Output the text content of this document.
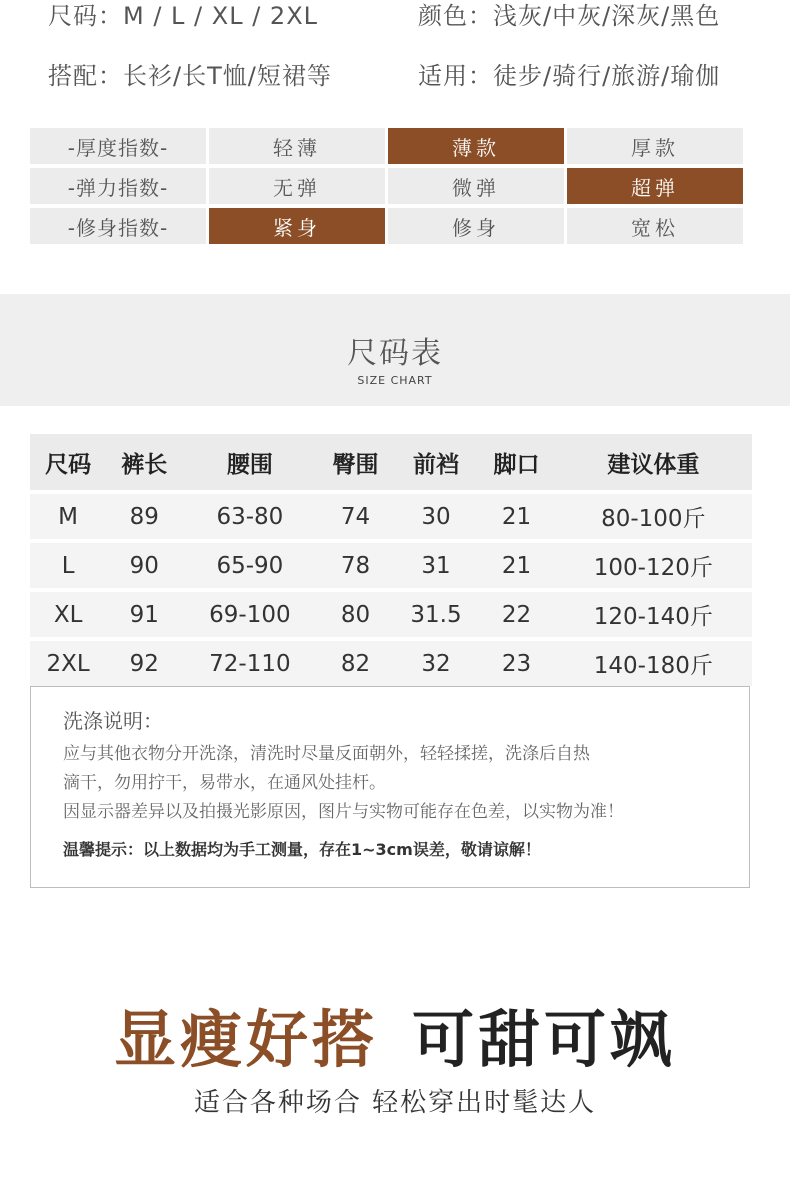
尺码：M / L / XL / 2XL	颜色：浅灰/中灰/深灰/黑色
搭配：长衫/长T恤/短裙等	适用：徒步/骑行/旅游/瑜伽
-厚度指数-	轻薄	薄款	厚款
-弹力指数-	无弹	微弹	超弹
-修身指数-	紧身	修身	宽松
尺码表
SIZE CHART
尺码	裤长	腰围	臀围	前裆	脚口	建议体重
M	89	63-80	74	30	21	80-100斤
L	90	65-90	78	31	21	100-120斤
XL	91	69-100	80	31.5	22	120-140斤
2XL	92	72-110	82	32	23	140-180斤
洗涤说明：
应与其他衣物分开洗涤，清洗时尽量反面朝外，轻轻揉搓，洗涤后自热
滴干，勿用拧干，易带水，在通风处挂杆。
因显示器差异以及拍摄光影原因，图片与实物可能存在色差，以实物为准！
温馨提示：以上数据均为手工测量，存在1~3cm误差，敬请谅解！
显瘦好搭 可甜可飒
适合各种场合 轻松穿出时髦达人
